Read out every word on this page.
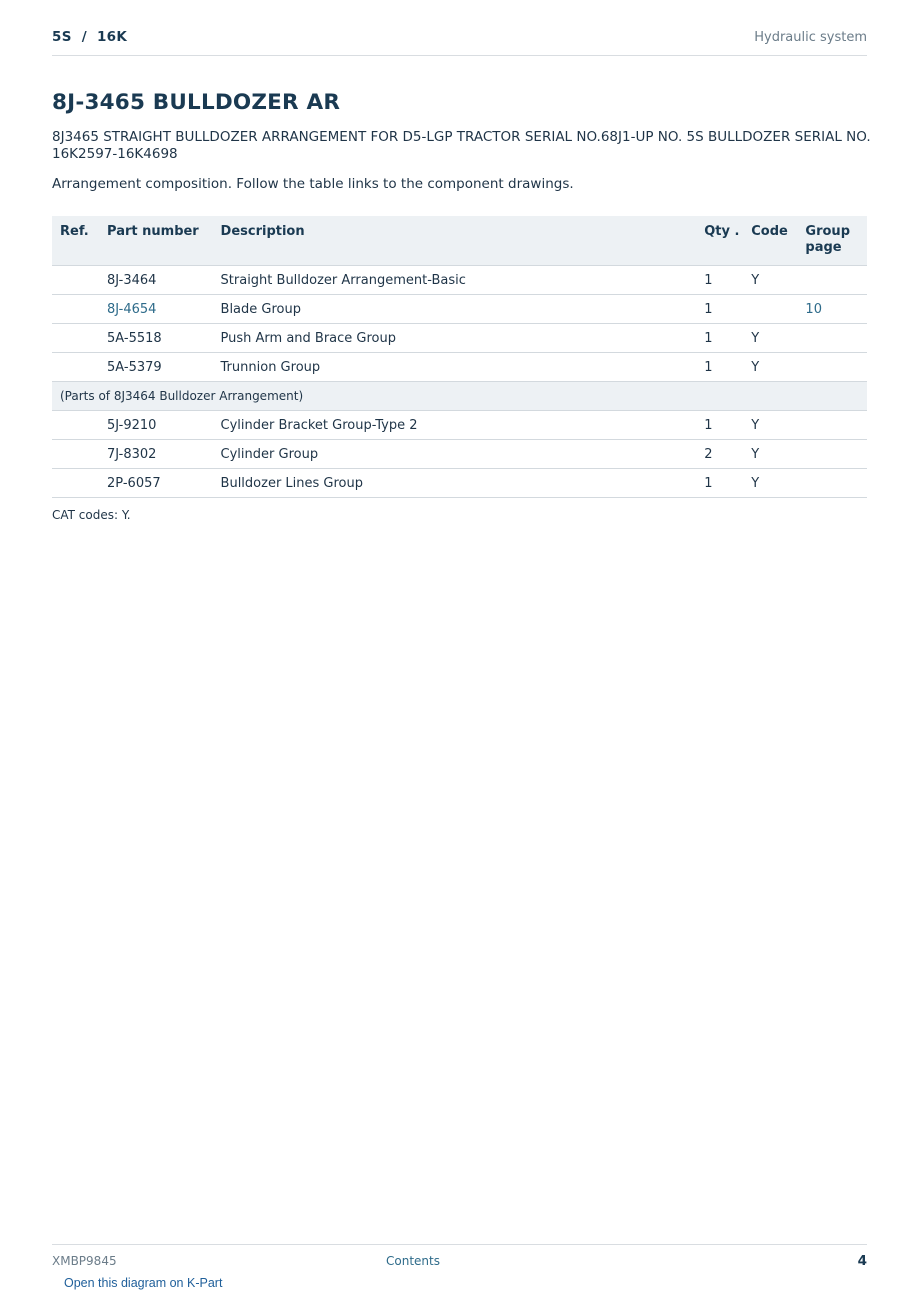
5S  /  16K	Hydraulic system
8J-3465 BULLDOZER AR

8J3465 STRAIGHT BULLDOZER ARRANGEMENT FOR D5-LGP TRACTOR SERIAL NO.68J1-UP NO. 5S BULLDOZER SERIAL NO. 16K2597-16K4698

Arrangement composition. Follow the table links to the component drawings.

Ref.	Part number	Description	Qty .	Code	Group page
	8J-3464	Straight Bulldozer Arrangement-Basic	1	Y	
	8J-4654	Blade Group	1		10
	5A-5518	Push Arm and Brace Group	1	Y	
	5A-5379	Trunnion Group	1	Y	
(Parts of 8J3464 Bulldozer Arrangement)					
	5J-9210	Cylinder Bracket Group-Type 2	1	Y	
	7J-8302	Cylinder Group	2	Y	
	2P-6057	Bulldozer Lines Group	1	Y	
CAT codes: Y.
XMBP9845	Contents	4
Open this diagram on K-Part
